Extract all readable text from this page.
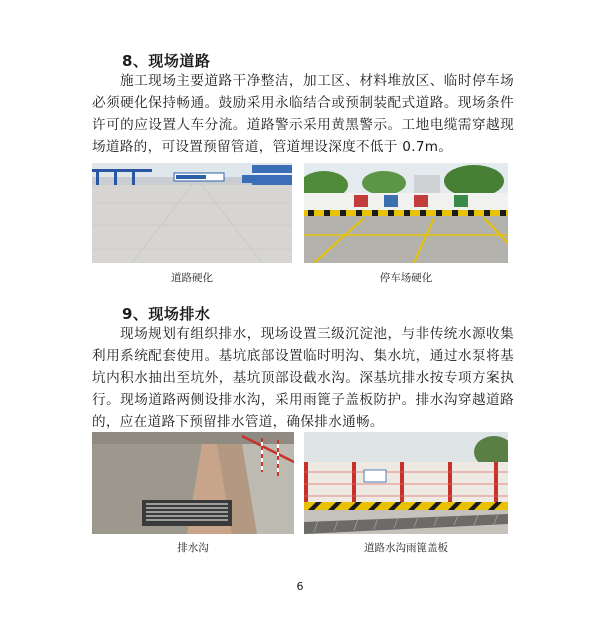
8、现场道路

施工现场主要道路干净整洁，加工区、材料堆放区、临时停车场必须硬化保持畅通。鼓励采用永临结合或预制装配式道路。现场条件许可的应设置人车分流。道路警示采用黄黑警示。工地电缆需穿越现场道路的，可设置预留管道，管道埋设深度不低于 0.7m。

道路硬化	停车场硬化

9、现场排水

现场规划有组织排水，现场设置三级沉淀池，与非传统水源收集利用系统配套使用。基坑底部设置临时明沟、集水坑，通过水泵将基坑内积水抽出至坑外，基坑顶部设截水沟。深基坑排水按专项方案执行。现场道路两侧设排水沟，采用雨篦子盖板防护。排水沟穿越道路的，应在道路下预留排水管道，确保排水通畅。

排水沟	道路水沟雨篦盖板

6
